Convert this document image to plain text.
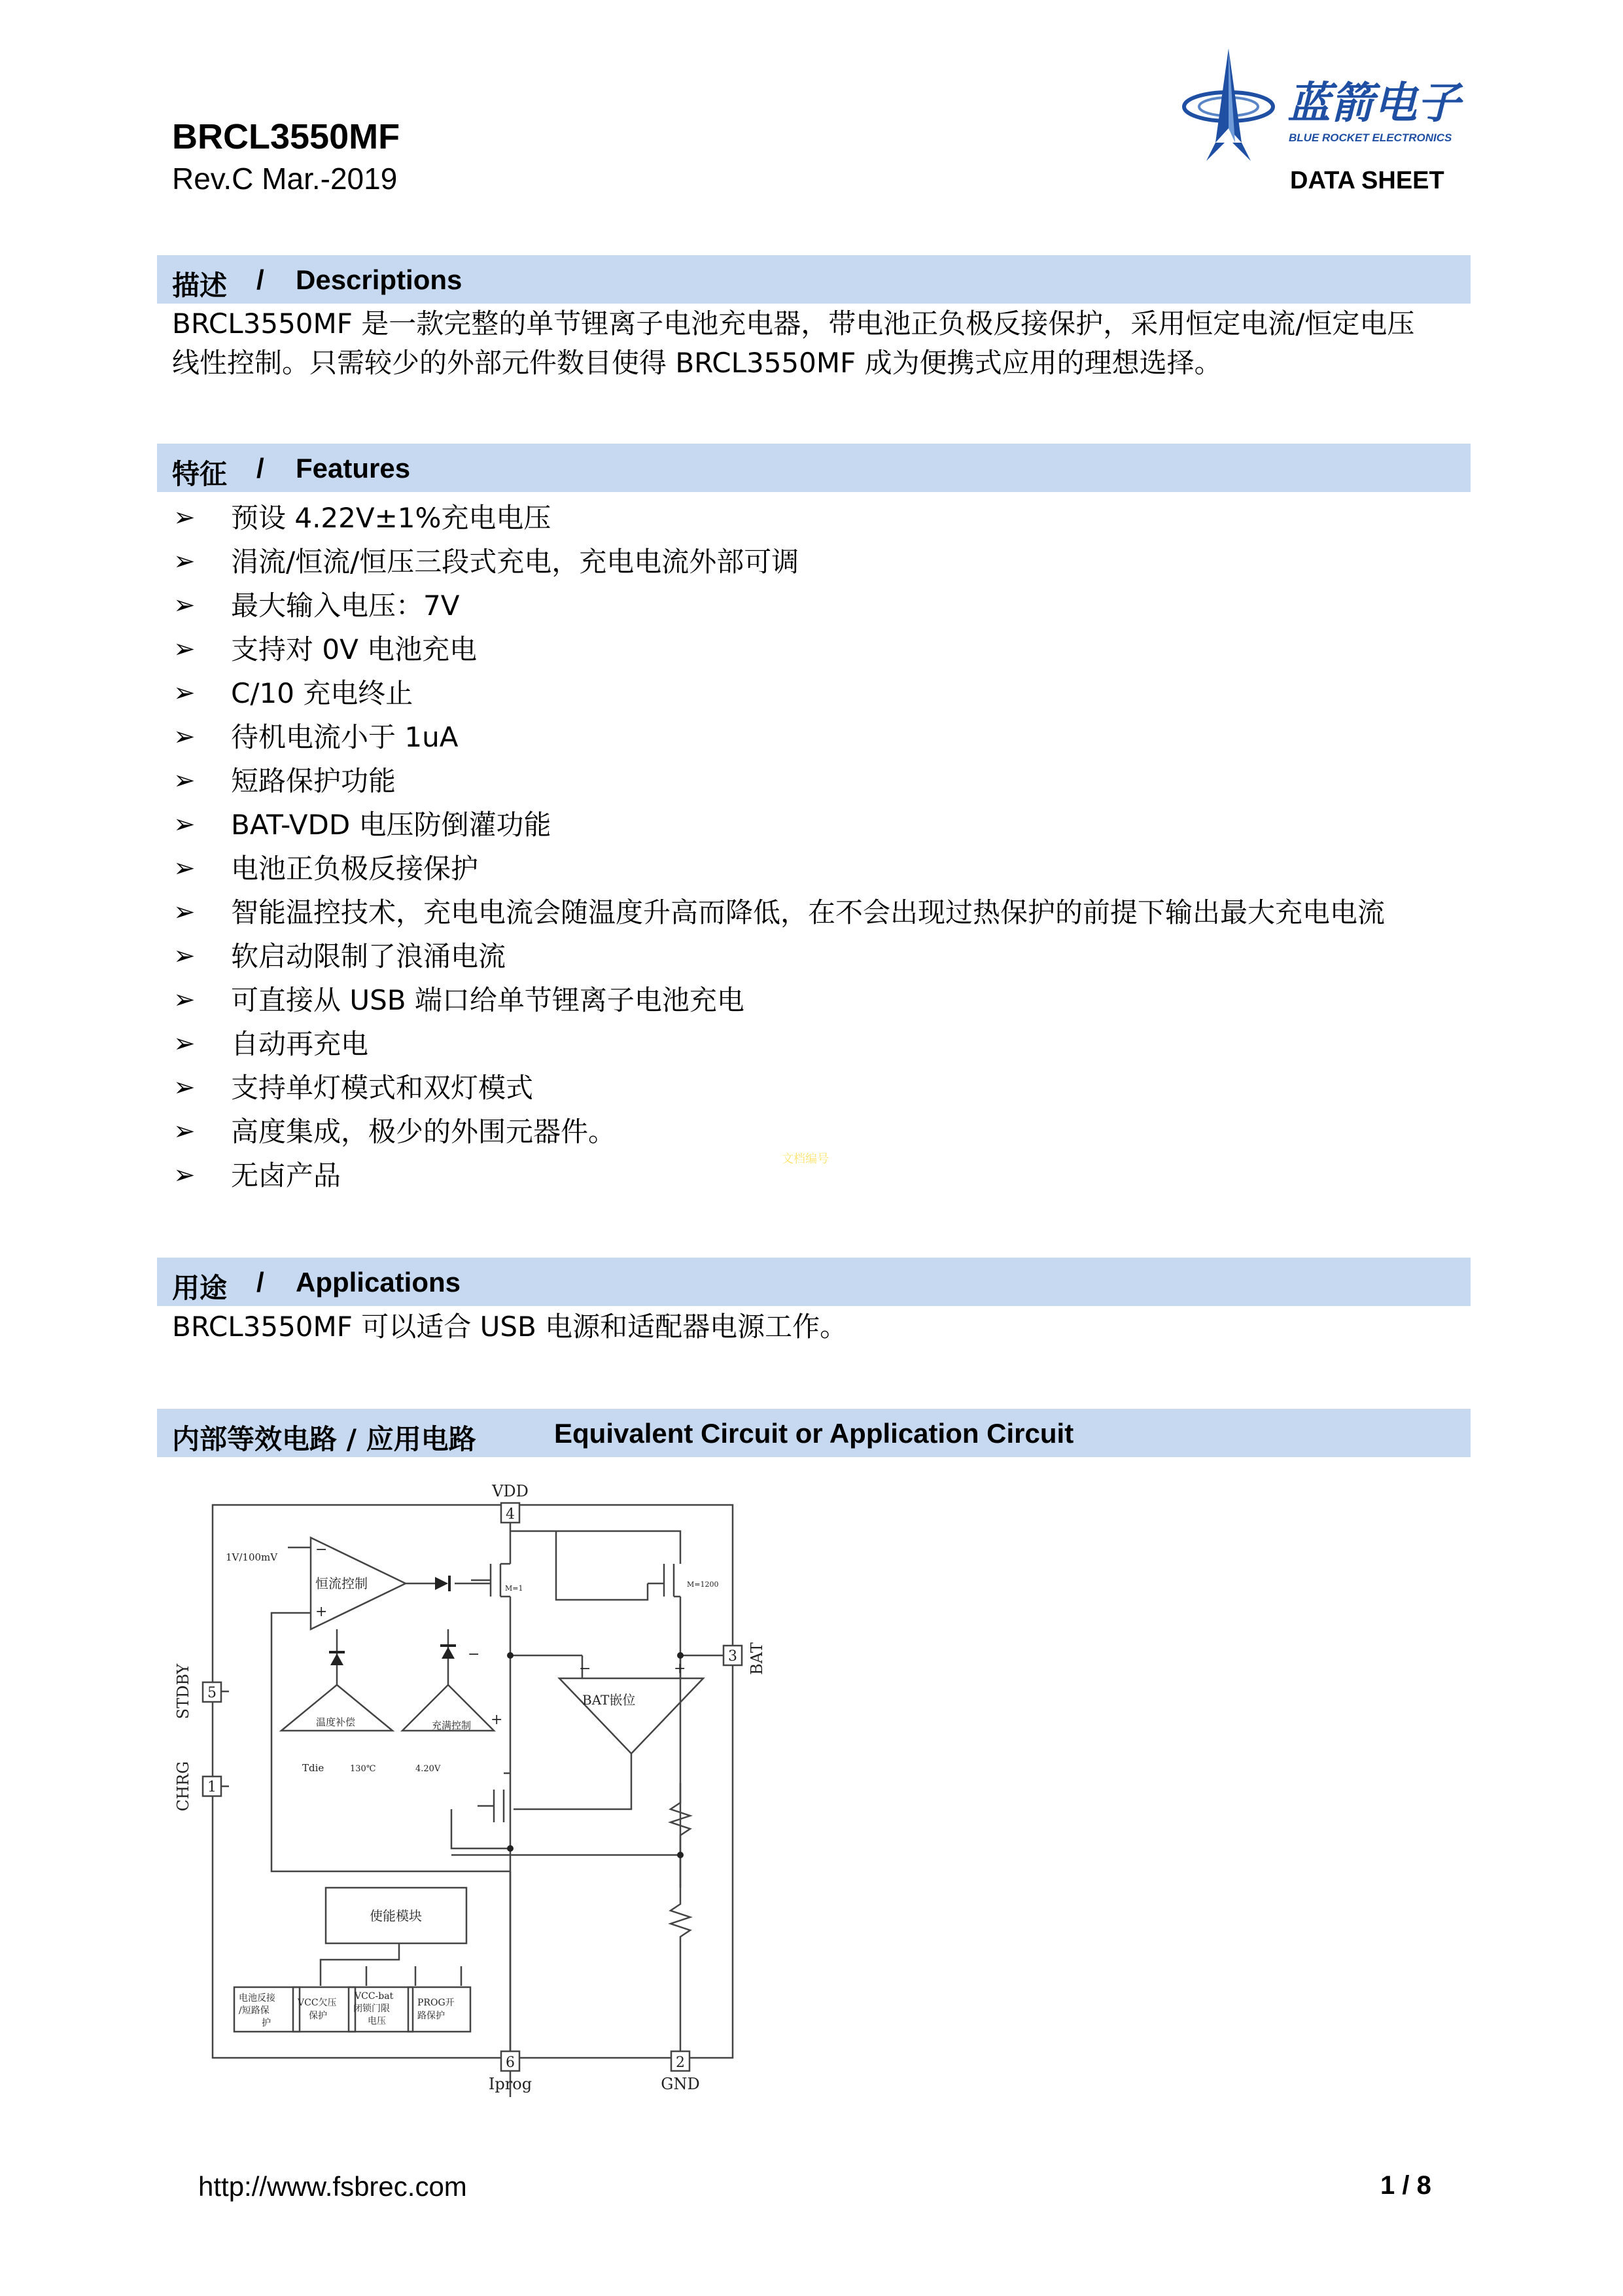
BRCL3550MF
Rev.C Mar.-2019	DATA SHEET
蓝箭电子
BLUE ROCKET ELECTRONICS
描述 / Descriptions
BRCL3550MF 是一款完整的单节锂离子电池充电器，带电池正负极反接保护，采用恒定电流/恒定电压
线性控制。只需较少的外部元件数目使得 BRCL3550MF 成为便携式应用的理想选择。
特征 / Features
➢ 预设 4.22V±1%充电电压
➢ 涓流/恒流/恒压三段式充电，充电电流外部可调
➢ 最大输入电压：7V
➢ 支持对 0V 电池充电
➢ C/10 充电终止
➢ 待机电流小于 1uA
➢ 短路保护功能
➢ BAT-VDD 电压防倒灌功能
➢ 电池正负极反接保护
➢ 智能温控技术，充电电流会随温度升高而降低，在不会出现过热保护的前提下输出最大充电电流
➢ 软启动限制了浪涌电流
➢ 可直接从 USB 端口给单节锂离子电池充电
➢ 自动再充电
➢ 支持单灯模式和双灯模式
➢ 高度集成，极少的外围元器件。
➢ 无卤产品
文档编号
用途 / Applications
BRCL3550MF 可以适合 USB 电源和适配器电源工作。
内部等效电路 / 应用电路	Equivalent Circuit or Application Circuit
4
3
5
1
6	2
VDD
BAT
STDBY
CHRG
Iprog	GND
1V/100mV
恒流控制
+
−
M=1	M=1200
BAT嵌位
−	+
温度补偿	充满控制 +
−
Tdie	130℃	4.20V
使能模块
电池反接
/短路保
护
VCC欠压
保护
VCC-bat
闭锁门限
电压
PROG开
路保护
http://www.fsbrec.com	1 / 8
